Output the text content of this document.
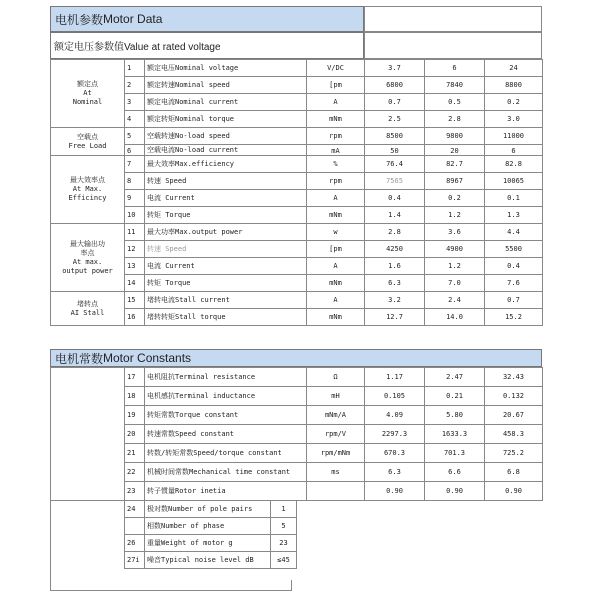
电机参数 Motor Data
额定电压参数值Value at rated voltage
额定点
At
Nominal	1	额定电压Nominal voltage	V/DC	3.7	6	24
	2	额定转速Nominal speed	[pm	6800	7840	8800
	3	额定电流Nominal current	A	0.7	0.5	0.2
	4	额定转矩Nominal torque	mNm	2.5	2.8	3.0

空载点
Free Load	5	空载转速No-load speed	rpm	8500	9800	11000
	6	空载电流No-load current	mA	50	20	6

最大效率点
At Max.
Efficincy	7	最大效率Max.efficiency	%	76.4	82.7	82.8
	8	转速 Speed	rpm	7565	8967	10065
	9	电流 Current	A	0.4	0.2	0.1
	10	转矩 Torque	mNm	1.4	1.2	1.3

最大输出功
率点
At max.
output power	11	最大功率Max.output power	w	2.8	3.6	4.4
	12	转速 Speed	[pm	4250	4900	5500
	13	电流 Current	A	1.6	1.2	0.4
	14	转矩 Torque	mNm	6.3	7.0	7.6

堵转点
AI Stall	15	堵转电流Stall current	A	3.2	2.4	0.7
	16	堵转转矩Stall torque	mNm	12.7	14.0	15.2
电机常数 Motor Constants
	17	电机阻抗Terminal resistance	Ω	1.17	2.47	32.43
	18	电机感抗Terminal inductance	mH	0.105	0.21	0.132
	19	转矩常数Torque constant	mNm/A	4.09	5.80	20.67
	20	转速常数Speed constant	rpm/V	2297.3	1633.3	458.3
	21	转数/转矩常数Speed/torque constant	rpm/mNm	670.3	701.3	725.2
	22	机械时间常数Mechanical time constant	ms	6.3	6.6	6.8
	23	转子惯量Rotor inetia		0.90	0.90	0.90
24	极对数Number of pole pairs	1
	相数Number of phase	5
26	重量Weight of motor g	23
27i	噪音Typical noise level dB	≤45
